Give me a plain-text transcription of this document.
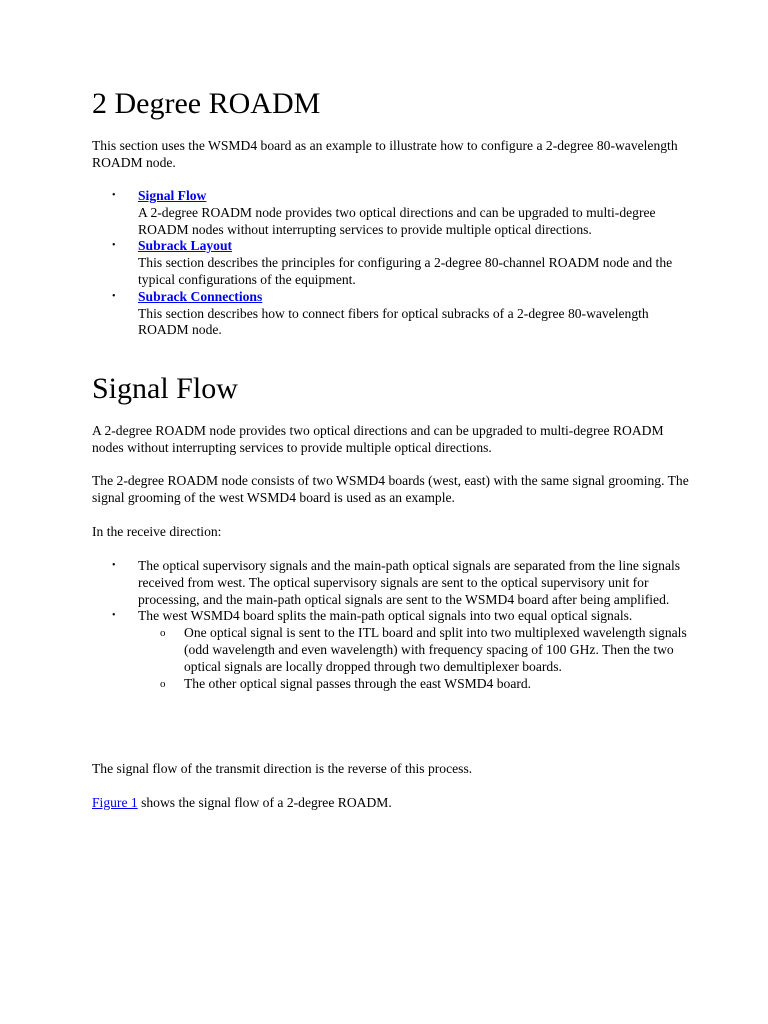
2 Degree ROADM

This section uses the WSMD4 board as an example to illustrate how to configure a 2-degree 80-wavelength ROADM node.

• Signal Flow
A 2-degree ROADM node provides two optical directions and can be upgraded to multi-degree ROADM nodes without interrupting services to provide multiple optical directions.
• Subrack Layout
This section describes the principles for configuring a 2-degree 80-channel ROADM node and the typical configurations of the equipment.
• Subrack Connections
This section describes how to connect fibers for optical subracks of a 2-degree 80-wavelength ROADM node.
Signal Flow

A 2-degree ROADM node provides two optical directions and can be upgraded to multi-degree ROADM nodes without interrupting services to provide multiple optical directions.

The 2-degree ROADM node consists of two WSMD4 boards (west, east) with the same signal grooming. The signal grooming of the west WSMD4 board is used as an example.

In the receive direction:

• The optical supervisory signals and the main-path optical signals are separated from the line signals received from west. The optical supervisory signals are sent to the optical supervisory unit for processing, and the main-path optical signals are sent to the WSMD4 board after being amplified.
• The west WSMD4 board splits the main-path optical signals into two equal optical signals.
o One optical signal is sent to the ITL board and split into two multiplexed wavelength signals (odd wavelength and even wavelength) with frequency spacing of 100 GHz. Then the two optical signals are locally dropped through two demultiplexer boards.
o The other optical signal passes through the east WSMD4 board.

The signal flow of the transmit direction is the reverse of this process.

Figure 1 shows the signal flow of a 2-degree ROADM.
